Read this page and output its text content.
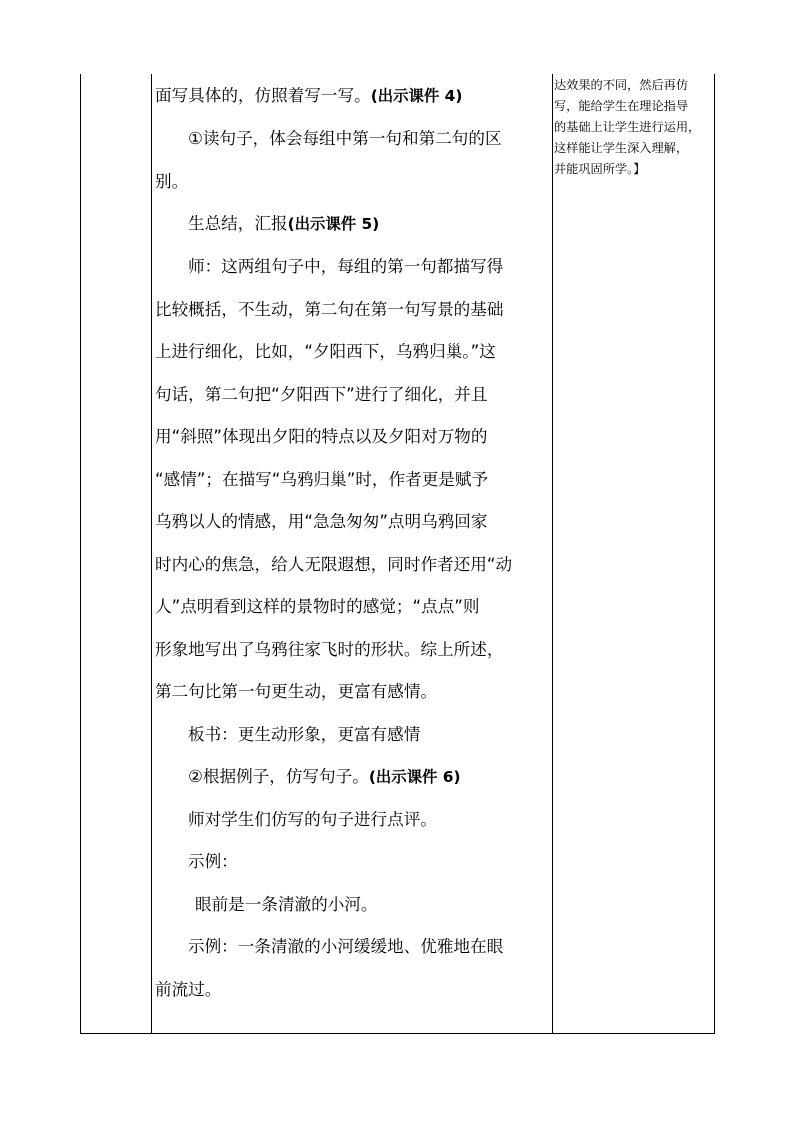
面写具体的，仿照着写一写。(出示课件 4)
①读句子，体会每组中第一句和第二句的区
别。
生总结，汇报(出示课件 5)
师：这两组句子中，每组的第一句都描写得
比较概括，不生动，第二句在第一句写景的基础
上进行细化，比如，“夕阳西下，乌鸦归巢。”这
句话，第二句把“夕阳西下”进行了细化，并且
用“斜照”体现出夕阳的特点以及夕阳对万物的
“感情”；在描写“乌鸦归巢”时，作者更是赋予
乌鸦以人的情感，用“急急匆匆”点明乌鸦回家
时内心的焦急，给人无限遐想，同时作者还用“动
人”点明看到这样的景物时的感觉；“点点”则
形象地写出了乌鸦往家飞时的形状。综上所述，
第二句比第一句更生动，更富有感情。
板书：更生动形象，更富有感情
②根据例子，仿写句子。(出示课件 6)
师对学生们仿写的句子进行点评。
示例：
眼前是一条清澈的小河。
示例：一条清澈的小河缓缓地、优雅地在眼
前流过。
达效果的不同，然后再仿
写，能给学生在理论指导
的基础上让学生进行运用，
这样能让学生深入理解，
并能巩固所学。】
